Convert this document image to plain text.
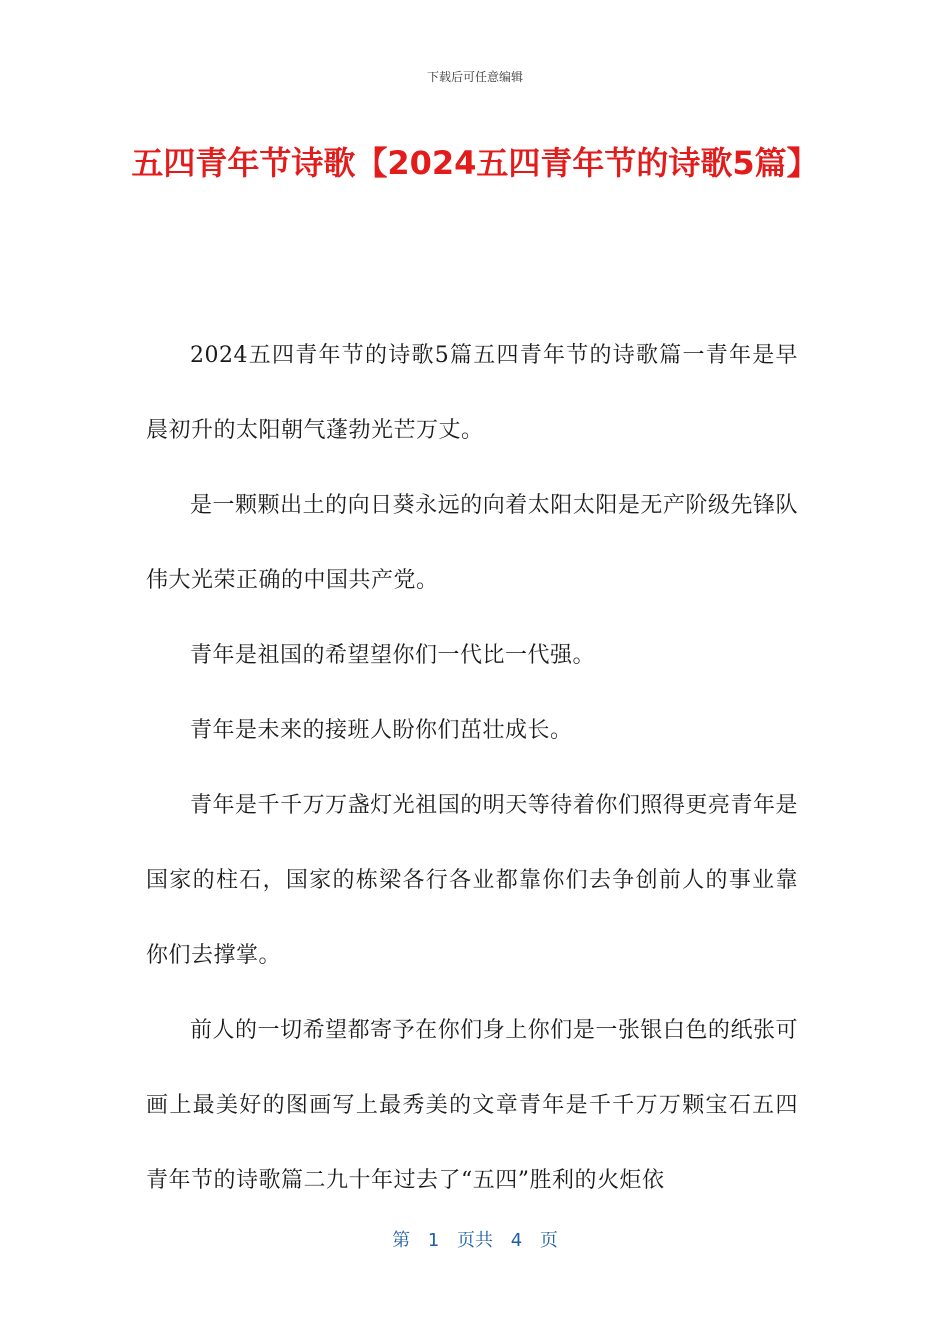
下载后可任意编辑
五四青年节诗歌【2024五四青年节的诗歌5篇】

2024五四青年节的诗歌5篇五四青年节的诗歌篇一青年是早晨初升的太阳朝气蓬勃光芒万丈。

是一颗颗出土的向日葵永远的向着太阳太阳是无产阶级先锋队伟大光荣正确的中国共产党。

青年是祖国的希望望你们一代比一代强。

青年是未来的接班人盼你们茁壮成长。

青年是千千万万盏灯光祖国的明天等待着你们照得更亮青年是国家的柱石，国家的栋梁各行各业都靠你们去争创前人的事业靠你们去撑掌。

前人的一切希望都寄予在你们身上你们是一张银白色的纸张可画上最美好的图画写上最秀美的文章青年是千千万万颗宝石五四青年节的诗歌篇二九十年过去了“五四”胜利的火炬依

第 1 页共 4 页
